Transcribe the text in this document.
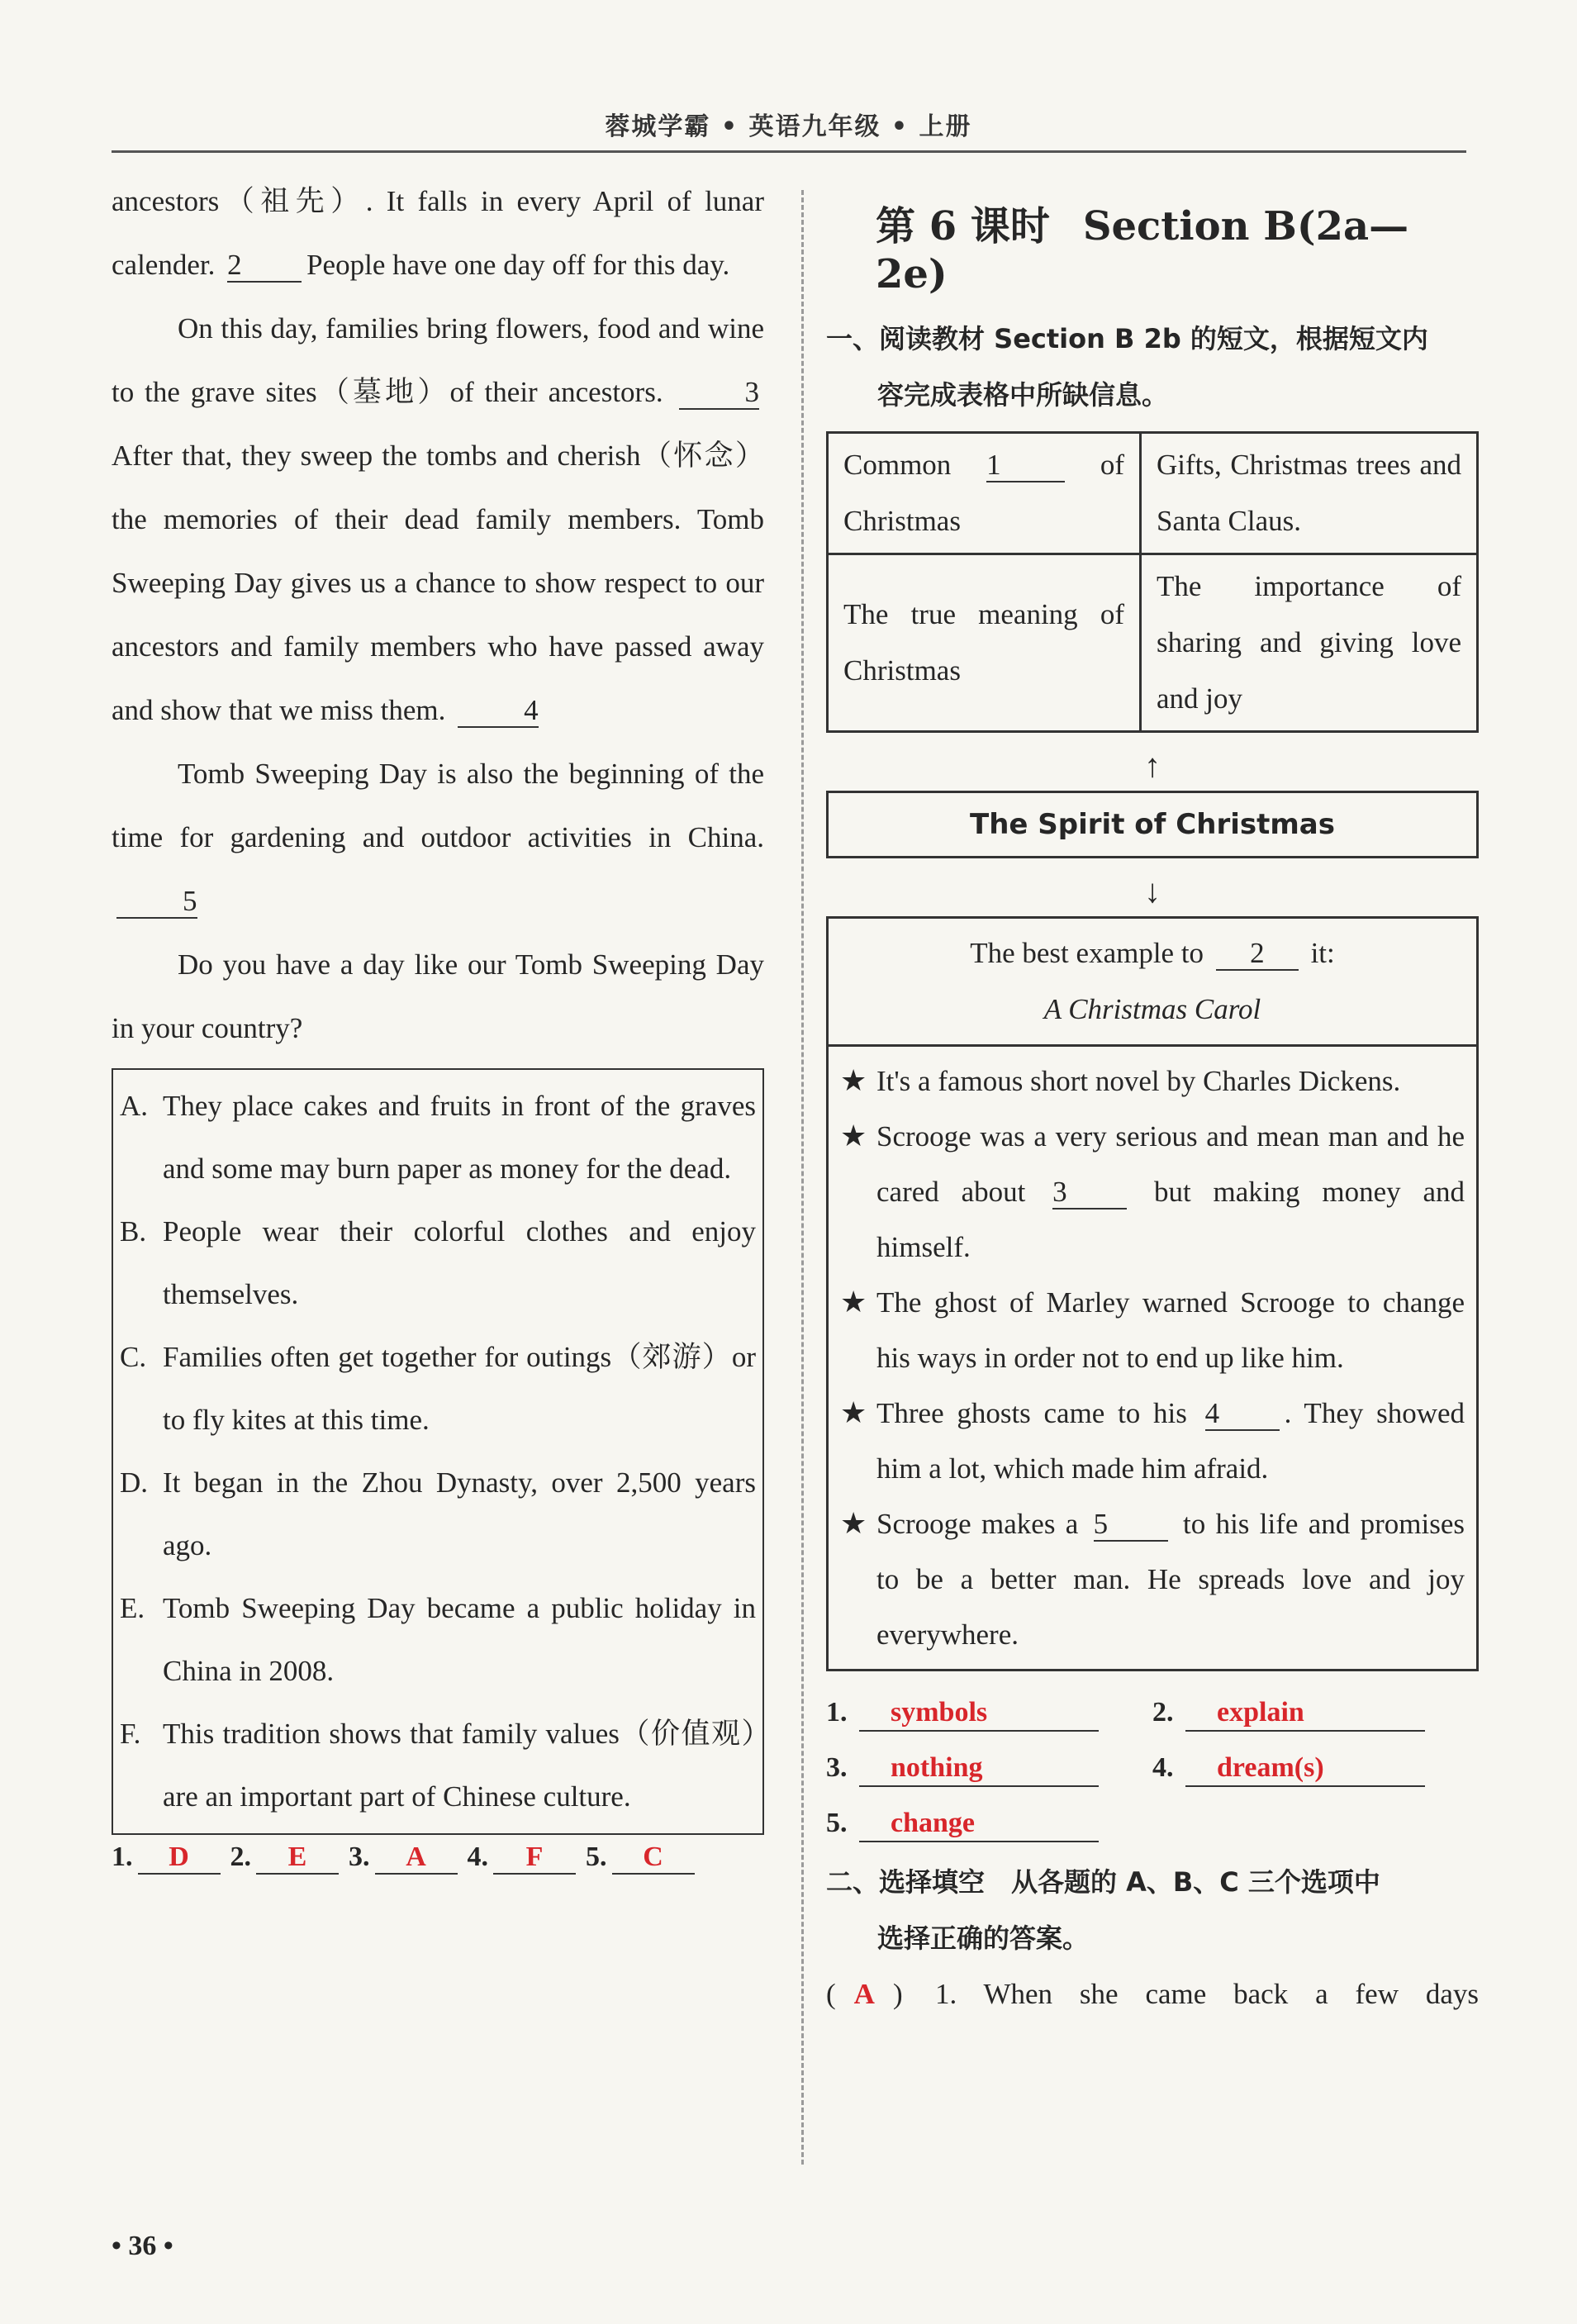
蓉城学霸 • 英语九年级 • 上册

ancestors（祖先）. It falls in every April of lunar calender. 2 People have one day off for this day.

On this day, families bring flowers, food and wine to the grave sites（墓地）of their ancestors. 3After that, they sweep the tombs and cherish（怀念）the memories of their dead family members. Tomb Sweeping Day gives us a chance to show respect to our ancestors and family members who have passed away and show that we miss them. 4

Tomb Sweeping Day is also the beginning of the time for gardening and outdoor activities in China. 5

Do you have a day like our Tomb Sweeping Day in your country?

A. They place cakes and fruits in front of the graves and some may burn paper as money for the dead.
B. People wear their colorful clothes and enjoy themselves.
C. Families often get together for outings（郊游）or to fly kites at this time.
D. It began in the Zhou Dynasty, over 2,500 years ago.
E. Tomb Sweeping Day became a public holiday in China in 2008.
F. This tradition shows that family values（价值观）are an important part of Chinese culture.
1.	D	2.	E	3.	A	4.	F	5.	C
• 36 •
第 6 课时 Section B(2a—2e)
一、阅读教材 Section B 2b 的短文，根据短文内
容完成表格中所缺信息。
Common 1 of Christmas	Gifts, Christmas trees and Santa Claus.
The true meaning of Christmas	The importance of sharing and giving love and joy
↑
The Spirit of Christmas
↓
The best example to 2 it:
A Christmas Carol
★ It's a famous short novel by Charles Dickens.
★ Scrooge was a very serious and mean man and he cared about 3 but making money and himself.
★ The ghost of Marley warned Scrooge to change his ways in order not to end up like him.
★ Three ghosts came to his 4 . They showed him a lot, which made him afraid.
★ Scrooge makes a 5 to his life and promises to be a better man. He spreads love and joy everywhere.
1.	symbols	2.	explain
3.	nothing	4.	dream(s)
5.	change
二、选择填空　从各题的 A、B、C 三个选项中
选择正确的答案。
( A )	1. When she came back a few days
